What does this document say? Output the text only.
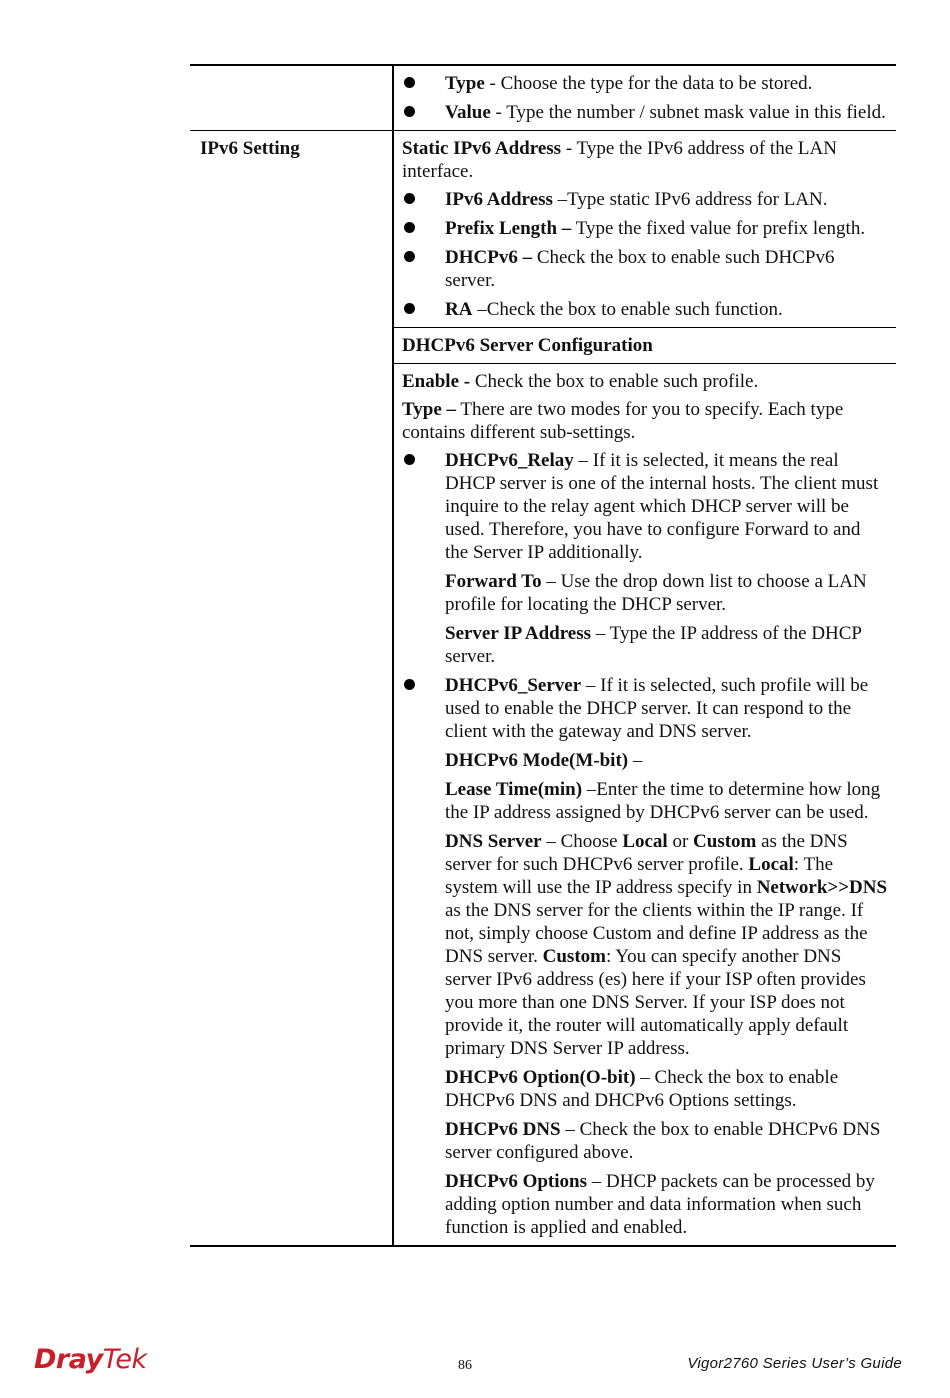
Type - Choose the type for the data to be stored.
Value - Type the number / subnet mask value in this field.
IPv6 Setting	Static IPv6 Address - Type the IPv6 address of the LAN interface.

IPv6 Address –Type static IPv6 address for LAN.
Prefix Length – Type the fixed value for prefix length.
DHCPv6 – Check the box to enable such DHCPv6 server.
RA –Check the box to enable such function.

DHCPv6 Server Configuration

Enable - Check the box to enable such profile.

Type – There are two modes for you to specify. Each type contains different sub-settings.

DHCPv6_Relay – If it is selected, it means the real DHCP server is one of the internal hosts. The client must inquire to the relay agent which DHCP server will be used. Therefore, you have to configure Forward to and the Server IP additionally.
Forward To – Use the drop down list to choose a LAN profile for locating the DHCP server.
Server IP Address – Type the IP address of the DHCP server.
DHCPv6_Server – If it is selected, such profile will be used to enable the DHCP server. It can respond to the client with the gateway and DNS server.
DHCPv6 Mode(M-bit) –
Lease Time(min) –Enter the time to determine how long the IP address assigned by DHCPv6 server can be used.
DNS Server – Choose Local or Custom as the DNS server for such DHCPv6 server profile. Local: The system will use the IP address specify in Network>>DNS as the DNS server for the clients within the IP range. If not, simply choose Custom and define IP address as the DNS server. Custom: You can specify another DNS server IPv6 address (es) here if your ISP often provides you more than one DNS Server. If your ISP does not provide it, the router will automatically apply default primary DNS Server IP address.
DHCPv6 Option(O-bit) – Check the box to enable DHCPv6 DNS and DHCPv6 Options settings.
DHCPv6 DNS – Check the box to enable DHCPv6 DNS server configured above.
DHCPv6 Options – DHCP packets can be processed by adding option number and data information when such function is applied and enabled.
DrayTek	86	Vigor2760 Series User’s Guide
